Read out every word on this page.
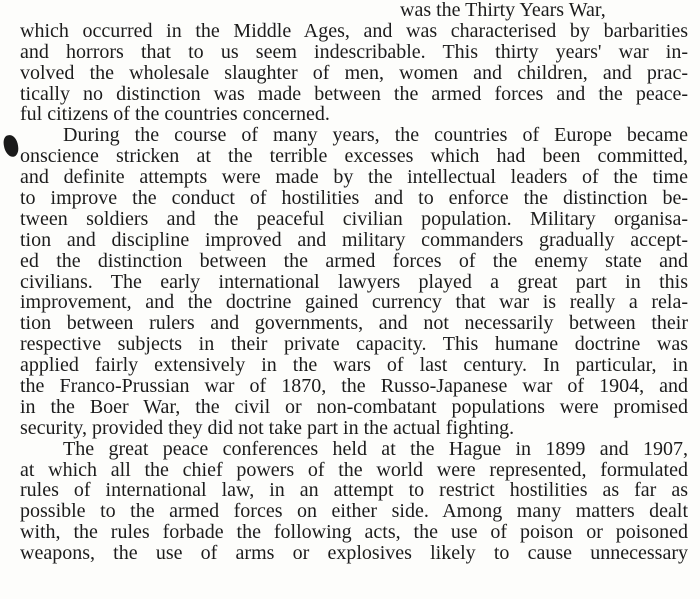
was the Thirty Years War,
which occurred in the Middle Ages, and was characterised by barbarities
and horrors that to us seem indescribable. This thirty years' war in-
volved the wholesale slaughter of men, women and children, and prac-
tically no distinction was made between the armed forces and the peace-
ful citizens of the countries concerned.
During the course of many years, the countries of Europe became
onscience stricken at the terrible excesses which had been committed,
and definite attempts were made by the intellectual leaders of the time
to improve the conduct of hostilities and to enforce the distinction be-
tween soldiers and the peaceful civilian population. Military organisa-
tion and discipline improved and military commanders gradually accept-
ed the distinction between the armed forces of the enemy state and
civilians. The early international lawyers played a great part in this
improvement, and the doctrine gained currency that war is really a rela-
tion between rulers and governments, and not necessarily between their
respective subjects in their private capacity. This humane doctrine was
applied fairly extensively in the wars of last century. In particular, in
the Franco-Prussian war of 1870, the Russo-Japanese war of 1904, and
in the Boer War, the civil or non-combatant populations were promised
security, provided they did not take part in the actual fighting.
The great peace conferences held at the Hague in 1899 and 1907,
at which all the chief powers of the world were represented, formulated
rules of international law, in an attempt to restrict hostilities as far as
possible to the armed forces on either side. Among many matters dealt
with, the rules forbade the following acts, the use of poison or poisoned
weapons, the use of arms or explosives likely to cause unnecessary
